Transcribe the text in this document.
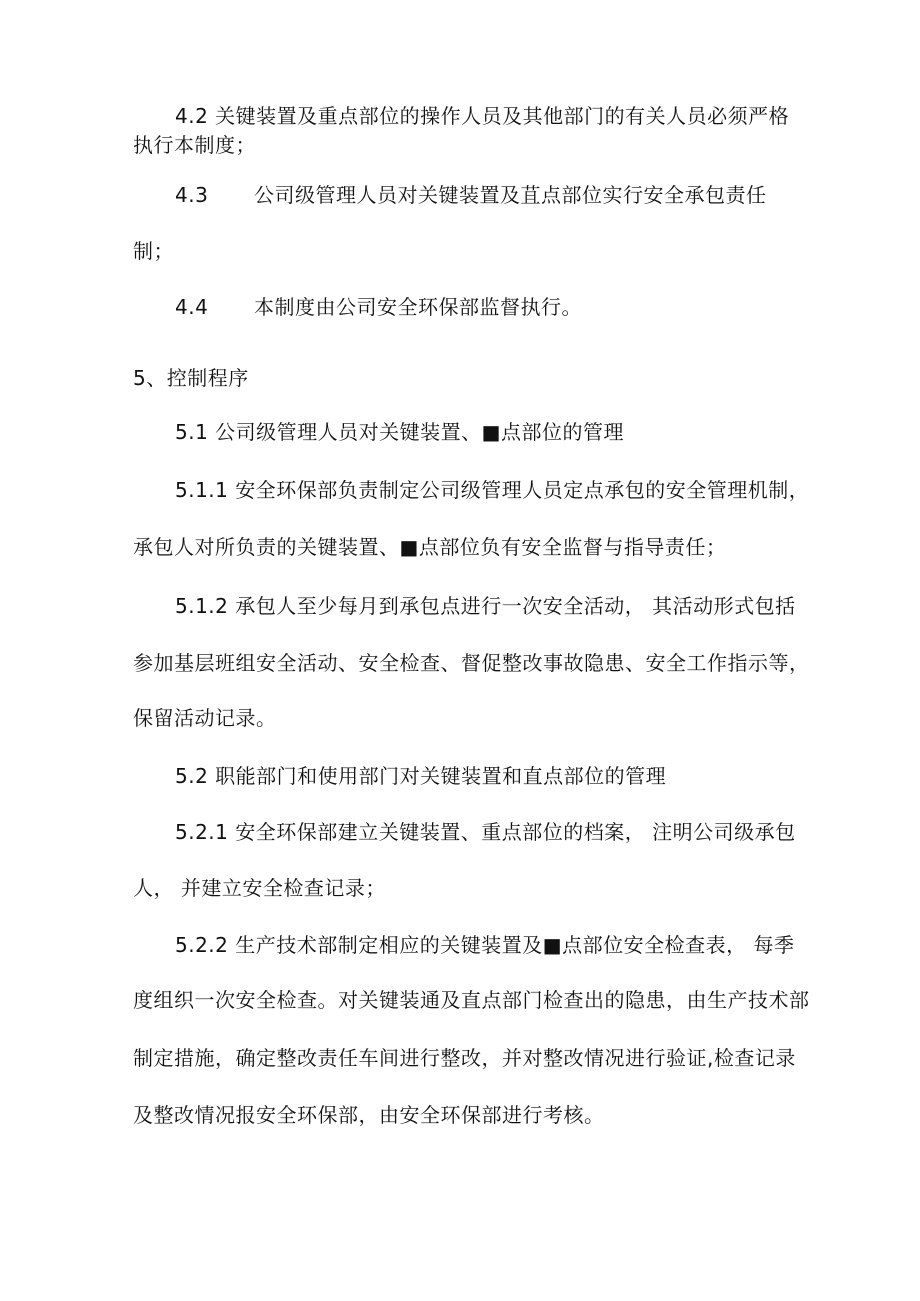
4.2 关键装置及重点部位的操作人员及其他部门的有关人员必须严格
执行本制度；
4.3 公司级管理人员对关键装置及苴点部位实行安全承包责任
制；
4.4 本制度由公司安全环保部监督执行。
5、控制程序
5.1 公司级管理人员对关键装置、■点部位的管理
5.1.1 安全环保部负责制定公司级管理人员定点承包的安全管理机制，
承包人对所负责的关键装置、■点部位负有安全监督与指导责任；
5.1.2 承包人至少每月到承包点进行一次安全活动， 其活动形式包括
参加基层班组安全活动、安全检查、督促整改事故隐患、安全工作指示等，
保留活动记录。
5.2 职能部门和使用部门对关键装置和直点部位的管理
5.2.1 安全环保部建立关键装置、重点部位的档案， 注明公司级承包
人， 并建立安全检查记录；
5.2.2 生产技术部制定相应的关键装置及■点部位安全检查表， 每季
度组织一次安全检查。对关键装通及直点部门检查出的隐患，由生产技术部
制定措施，确定整改责任车间进行整改，并对整改情况进行验证,检查记录
及整改情况报安全环保部，由安全环保部进行考核。
